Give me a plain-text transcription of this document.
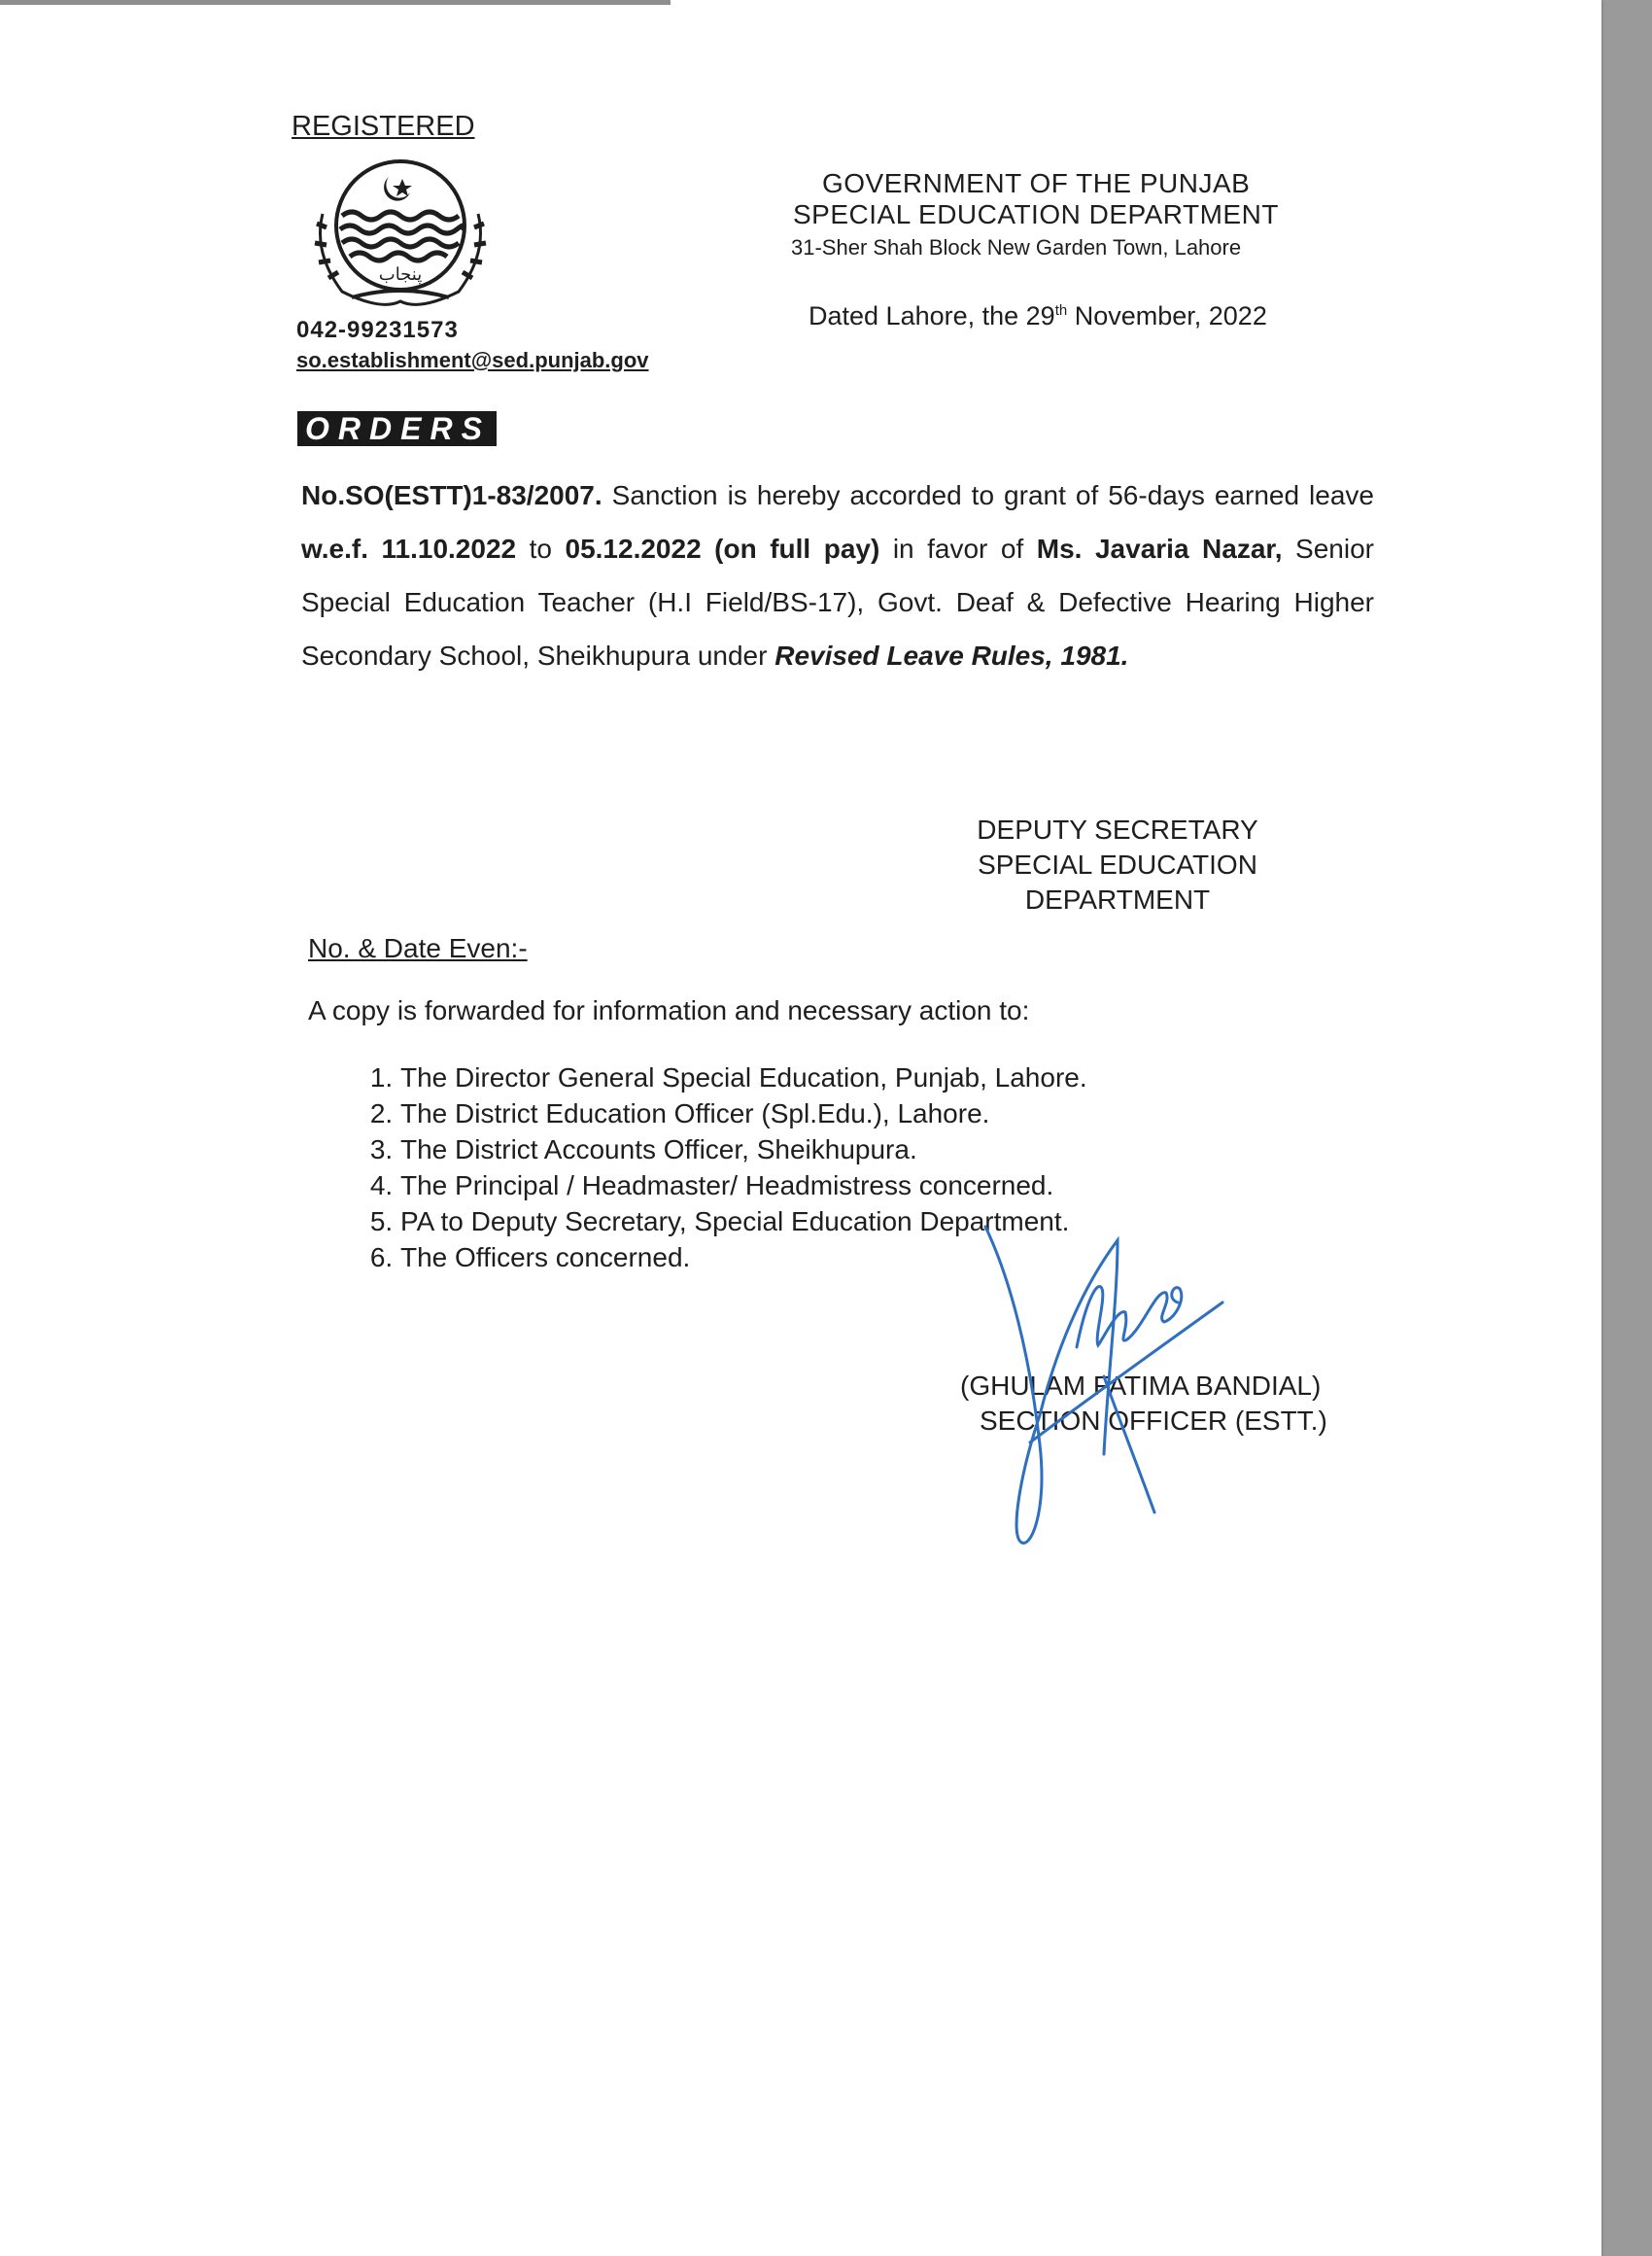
REGISTERED
پنجاب
042-99231573
so.establishment@sed.punjab.gov
GOVERNMENT OF THE PUNJAB
SPECIAL EDUCATION DEPARTMENT
31-Sher Shah Block New Garden Town, Lahore
Dated Lahore, the 29th November, 2022
ORDERS
No.SO(ESTT)1-83/2007. Sanction is hereby accorded to grant of 56-days earned leave w.e.f. 11.10.2022 to 05.12.2022 (on full pay) in favor of Ms. Javaria Nazar, Senior Special Education Teacher (H.I Field/BS-17), Govt. Deaf & Defective Hearing Higher Secondary School, Sheikhupura under Revised Leave Rules, 1981.
DEPUTY SECRETARY
SPECIAL EDUCATION
DEPARTMENT
No. & Date Even:-
A copy is forwarded for information and necessary action to:
1. The Director General Special Education, Punjab, Lahore.
2. The District Education Officer (Spl.Edu.), Lahore.
3. The District Accounts Officer, Sheikhupura.
4. The Principal / Headmaster/ Headmistress concerned.
5. PA to Deputy Secretary, Special Education Department.
6. The Officers concerned.
(GHULAM FATIMA BANDIAL)
SECTION OFFICER (ESTT.)
